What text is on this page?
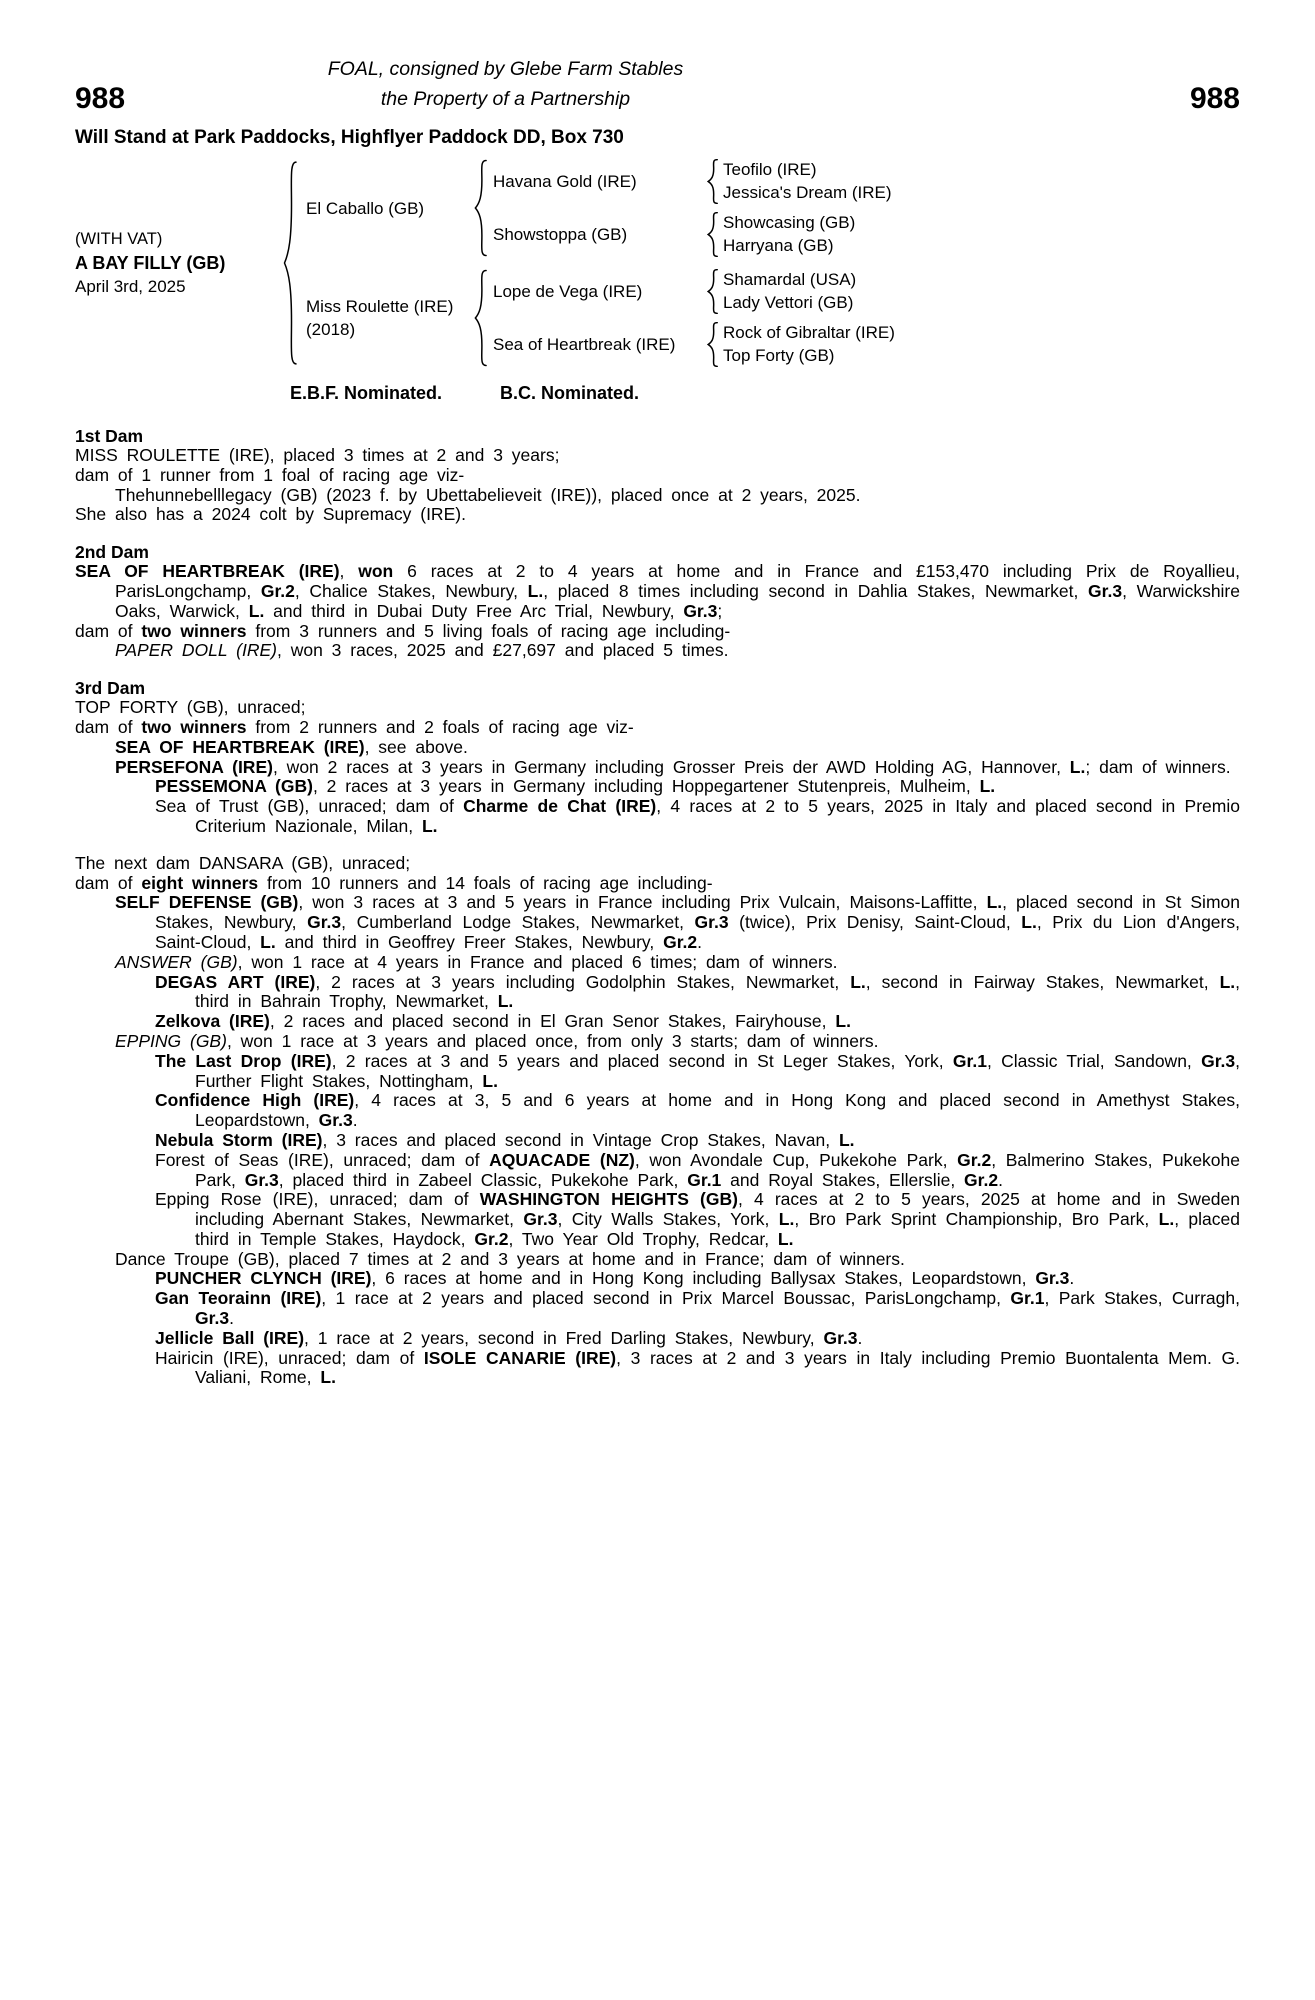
FOAL, consigned by Glebe Farm Stables
988	the Property of a Partnership	988
Will Stand at Park Paddocks, Highflyer Paddock DD, Box 730
(WITH VAT)
A BAY FILLY (GB)
April 3rd, 2025
El Caballo (GB)
Havana Gold (IRE)
Teofilo (IRE)
Jessica's Dream (IRE)
Showstoppa (GB)
Showcasing (GB)
Harryana (GB)
Miss Roulette (IRE)
(2018)
Lope de Vega (IRE)
Shamardal (USA)
Lady Vettori (GB)
Sea of Heartbreak (IRE)
Rock of Gibraltar (IRE)
Top Forty (GB)
E.B.F. Nominated.	B.C. Nominated.
1st Dam

MISS ROULETTE (IRE), placed 3 times at 2 and 3 years;

dam of 1 runner from 1 foal of racing age viz-

Thehunnebelllegacy (GB) (2023 f. by Ubettabelieveit (IRE)), placed once at 2 years, 2025.

She also has a 2024 colt by Supremacy (IRE).

2nd Dam

SEA OF HEARTBREAK (IRE), won 6 races at 2 to 4 years at home and in France and £153,470 including Prix de Royallieu, ParisLongchamp, Gr.2, Chalice Stakes, Newbury, L., placed 8 times including second in Dahlia Stakes, Newmarket, Gr.3, Warwickshire Oaks, Warwick, L. and third in Dubai Duty Free Arc Trial, Newbury, Gr.3;

dam of two winners from 3 runners and 5 living foals of racing age including-

PAPER DOLL (IRE), won 3 races, 2025 and £27,697 and placed 5 times.

3rd Dam

TOP FORTY (GB), unraced;

dam of two winners from 2 runners and 2 foals of racing age viz-

SEA OF HEARTBREAK (IRE), see above.

PERSEFONA (IRE), won 2 races at 3 years in Germany including Grosser Preis der AWD Holding AG, Hannover, L.; dam of winners.

PESSEMONA (GB), 2 races at 3 years in Germany including Hoppegartener Stutenpreis, Mulheim, L.

Sea of Trust (GB), unraced; dam of Charme de Chat (IRE), 4 races at 2 to 5 years, 2025 in Italy and placed second in Premio Criterium Nazionale, Milan, L.

The next dam DANSARA (GB), unraced;

dam of eight winners from 10 runners and 14 foals of racing age including-

SELF DEFENSE (GB), won 3 races at 3 and 5 years in France including Prix Vulcain, Maisons-Laffitte, L., placed second in St Simon Stakes, Newbury, Gr.3, Cumberland Lodge Stakes, Newmarket, Gr.3 (twice), Prix Denisy, Saint-Cloud, L., Prix du Lion d'Angers, Saint-Cloud, L. and third in Geoffrey Freer Stakes, Newbury, Gr.2.

ANSWER (GB), won 1 race at 4 years in France and placed 6 times; dam of winners.

DEGAS ART (IRE), 2 races at 3 years including Godolphin Stakes, Newmarket, L., second in Fairway Stakes, Newmarket, L., third in Bahrain Trophy, Newmarket, L.

Zelkova (IRE), 2 races and placed second in El Gran Senor Stakes, Fairyhouse, L.

EPPING (GB), won 1 race at 3 years and placed once, from only 3 starts; dam of winners.

The Last Drop (IRE), 2 races at 3 and 5 years and placed second in St Leger Stakes, York, Gr.1, Classic Trial, Sandown, Gr.3, Further Flight Stakes, Nottingham, L.

Confidence High (IRE), 4 races at 3, 5 and 6 years at home and in Hong Kong and placed second in Amethyst Stakes, Leopardstown, Gr.3.

Nebula Storm (IRE), 3 races and placed second in Vintage Crop Stakes, Navan, L.

Forest of Seas (IRE), unraced; dam of AQUACADE (NZ), won Avondale Cup, Pukekohe Park, Gr.2, Balmerino Stakes, Pukekohe Park, Gr.3, placed third in Zabeel Classic, Pukekohe Park, Gr.1 and Royal Stakes, Ellerslie, Gr.2.

Epping Rose (IRE), unraced; dam of WASHINGTON HEIGHTS (GB), 4 races at 2 to 5 years, 2025 at home and in Sweden including Abernant Stakes, Newmarket, Gr.3, City Walls Stakes, York, L., Bro Park Sprint Championship, Bro Park, L., placed third in Temple Stakes, Haydock, Gr.2, Two Year Old Trophy, Redcar, L.

Dance Troupe (GB), placed 7 times at 2 and 3 years at home and in France; dam of winners.

PUNCHER CLYNCH (IRE), 6 races at home and in Hong Kong including Ballysax Stakes, Leopardstown, Gr.3.

Gan Teorainn (IRE), 1 race at 2 years and placed second in Prix Marcel Boussac, ParisLongchamp, Gr.1, Park Stakes, Curragh, Gr.3.

Jellicle Ball (IRE), 1 race at 2 years, second in Fred Darling Stakes, Newbury, Gr.3.

Hairicin (IRE), unraced; dam of ISOLE CANARIE (IRE), 3 races at 2 and 3 years in Italy including Premio Buontalenta Mem. G. Valiani, Rome, L.
